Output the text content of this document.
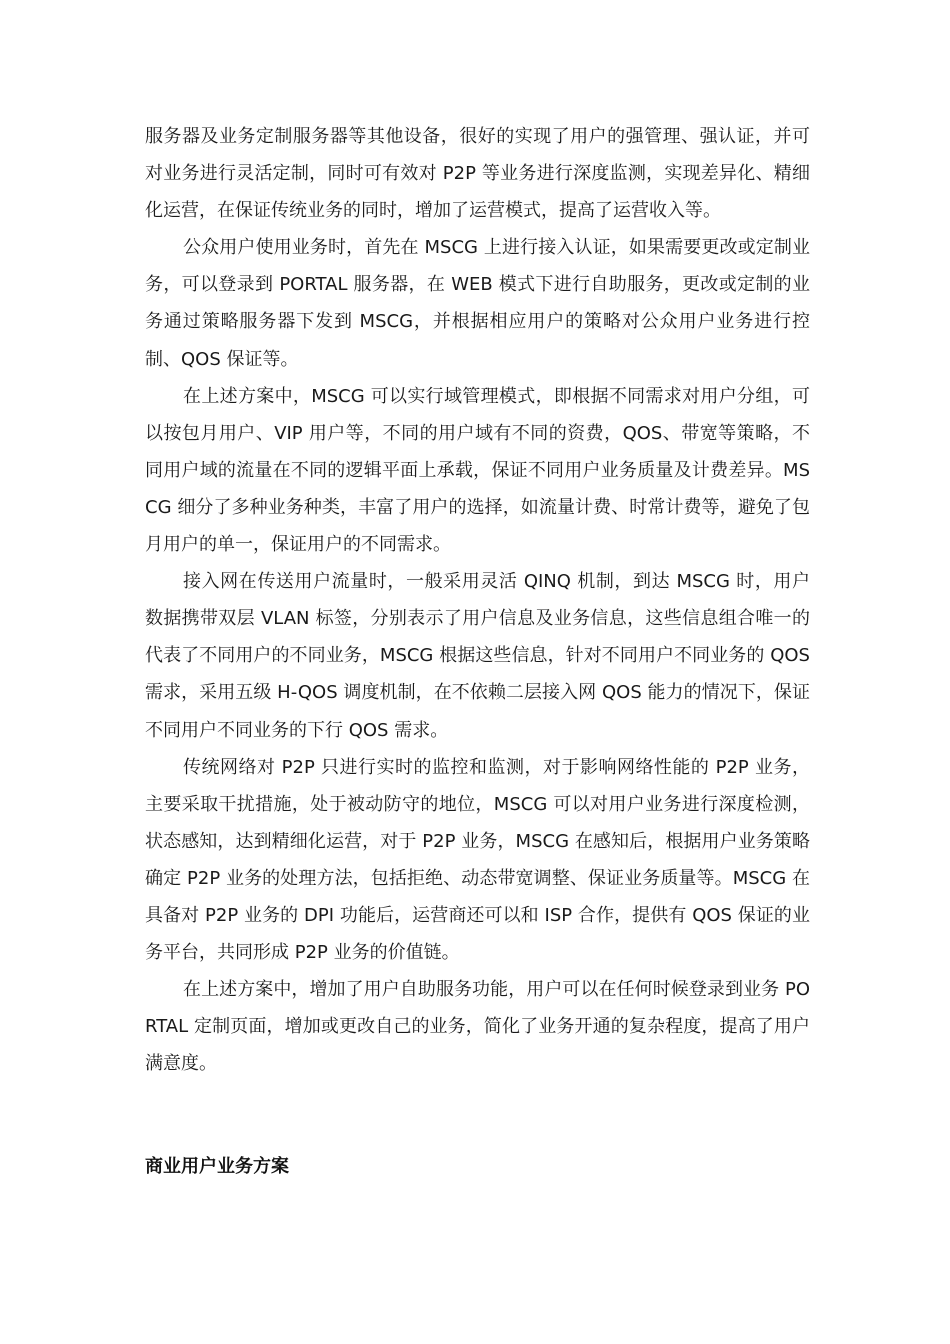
服务器及业务定制服务器等其他设备，很好的实现了用户的强管理、强认证，并可对业务进行灵活定制，同时可有效对 P2P 等业务进行深度监测，实现差异化、精细化运营，在保证传统业务的同时，增加了运营模式，提高了运营收入等。

公众用户使用业务时，首先在 MSCG 上进行接入认证，如果需要更改或定制业务，可以登录到 PORTAL 服务器，在 WEB 模式下进行自助服务，更改或定制的业务通过策略服务器下发到 MSCG，并根据相应用户的策略对公众用户业务进行控制、QOS 保证等。

在上述方案中，MSCG 可以实行域管理模式，即根据不同需求对用户分组，可以按包月用户、VIP 用户等，不同的用户域有不同的资费，QOS、带宽等策略，不同用户域的流量在不同的逻辑平面上承载，保证不同用户业务质量及计费差异。MSCG 细分了多种业务种类，丰富了用户的选择，如流量计费、时常计费等，避免了包月用户的单一，保证用户的不同需求。

接入网在传送用户流量时，一般采用灵活 QINQ 机制，到达 MSCG 时，用户数据携带双层 VLAN 标签，分别表示了用户信息及业务信息，这些信息组合唯一的代表了不同用户的不同业务，MSCG 根据这些信息，针对不同用户不同业务的 QOS 需求，采用五级 H-QOS 调度机制，在不依赖二层接入网 QOS 能力的情况下，保证不同用户不同业务的下行 QOS 需求。

传统网络对 P2P 只进行实时的监控和监测，对于影响网络性能的 P2P 业务，主要采取干扰措施，处于被动防守的地位，MSCG 可以对用户业务进行深度检测，状态感知，达到精细化运营，对于 P2P 业务，MSCG 在感知后，根据用户业务策略确定 P2P 业务的处理方法，包括拒绝、动态带宽调整、保证业务质量等。MSCG 在具备对 P2P 业务的 DPI 功能后，运营商还可以和 ISP 合作，提供有 QOS 保证的业务平台，共同形成 P2P 业务的价值链。

在上述方案中，增加了用户自助服务功能，用户可以在任何时候登录到业务 PORTAL 定制页面，增加或更改自己的业务，简化了业务开通的复杂程度，提高了用户满意度。

商业用户业务方案
